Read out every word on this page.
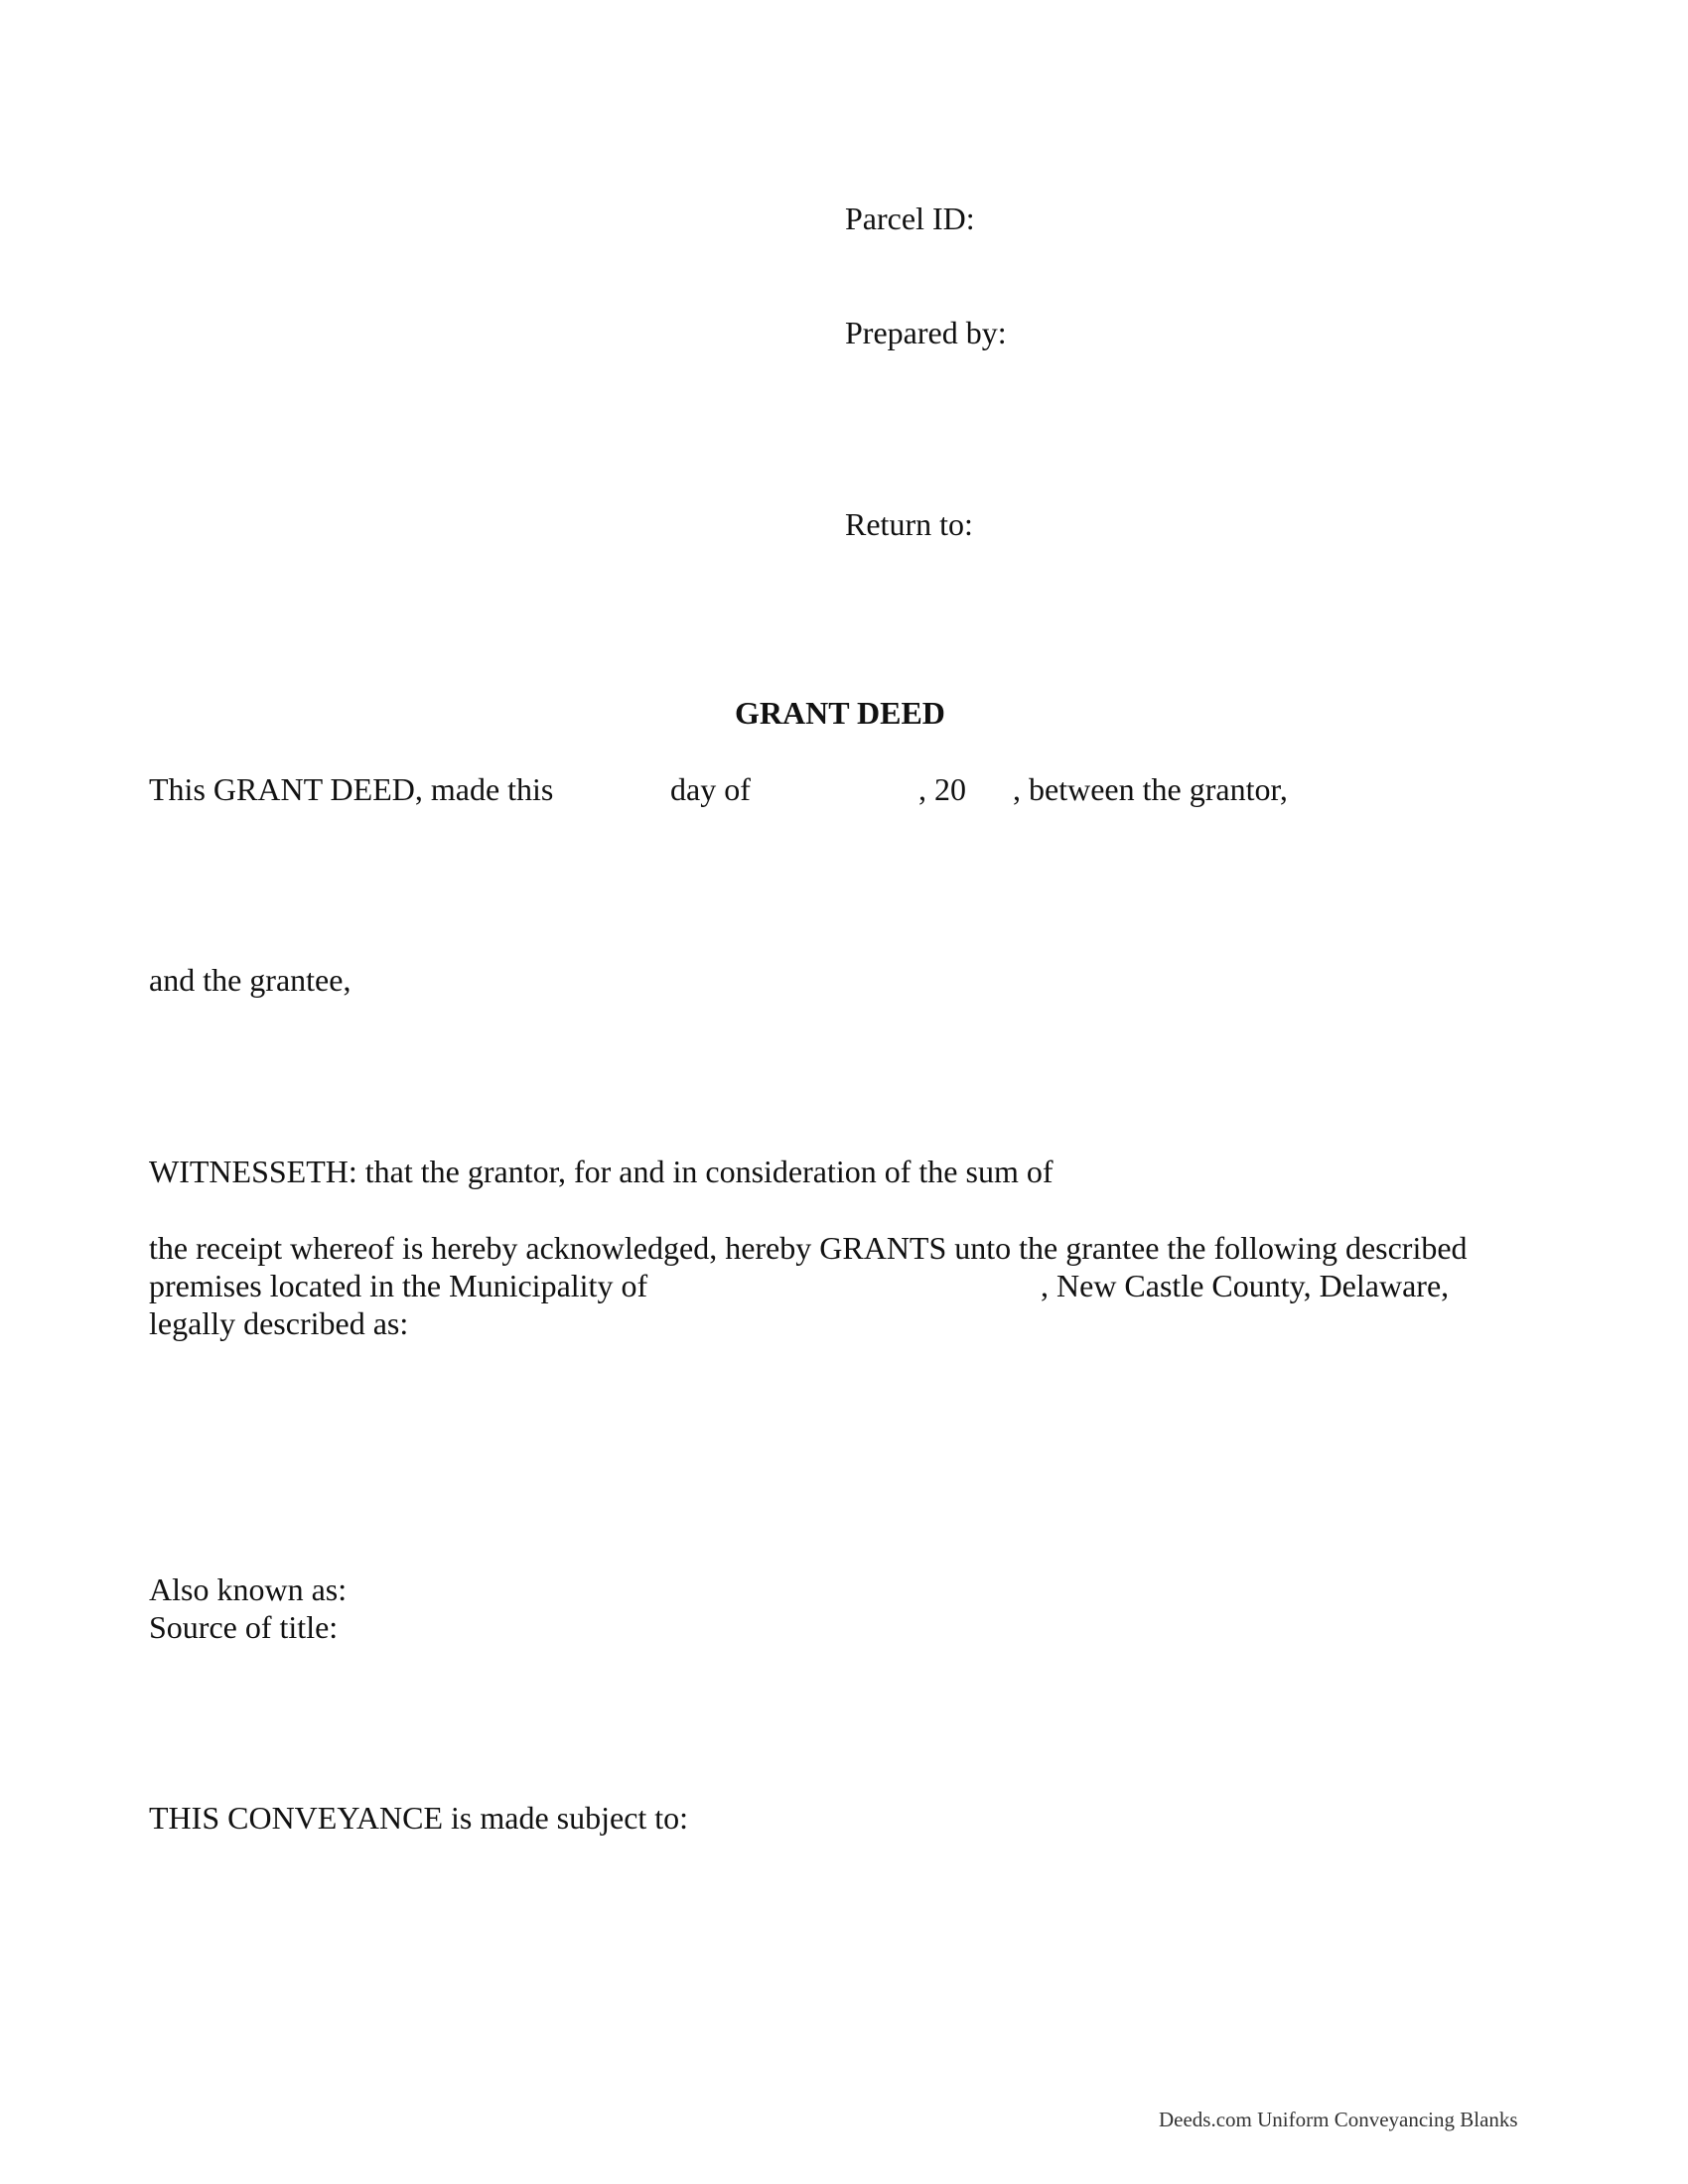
Parcel ID:
Prepared by:
Return to:
GRANT DEED
This GRANT DEED, made this	day of	, 20 , between the grantor,
and the grantee,
WITNESSETH: that the grantor, for and in consideration of the sum of
the receipt whereof is hereby acknowledged, hereby GRANTS unto the grantee the following described
premises located in the Municipality of	, New Castle County, Delaware,
legally described as:
Also known as:
Source of title:
THIS CONVEYANCE is made subject to:
Deeds.com Uniform Conveyancing Blanks
